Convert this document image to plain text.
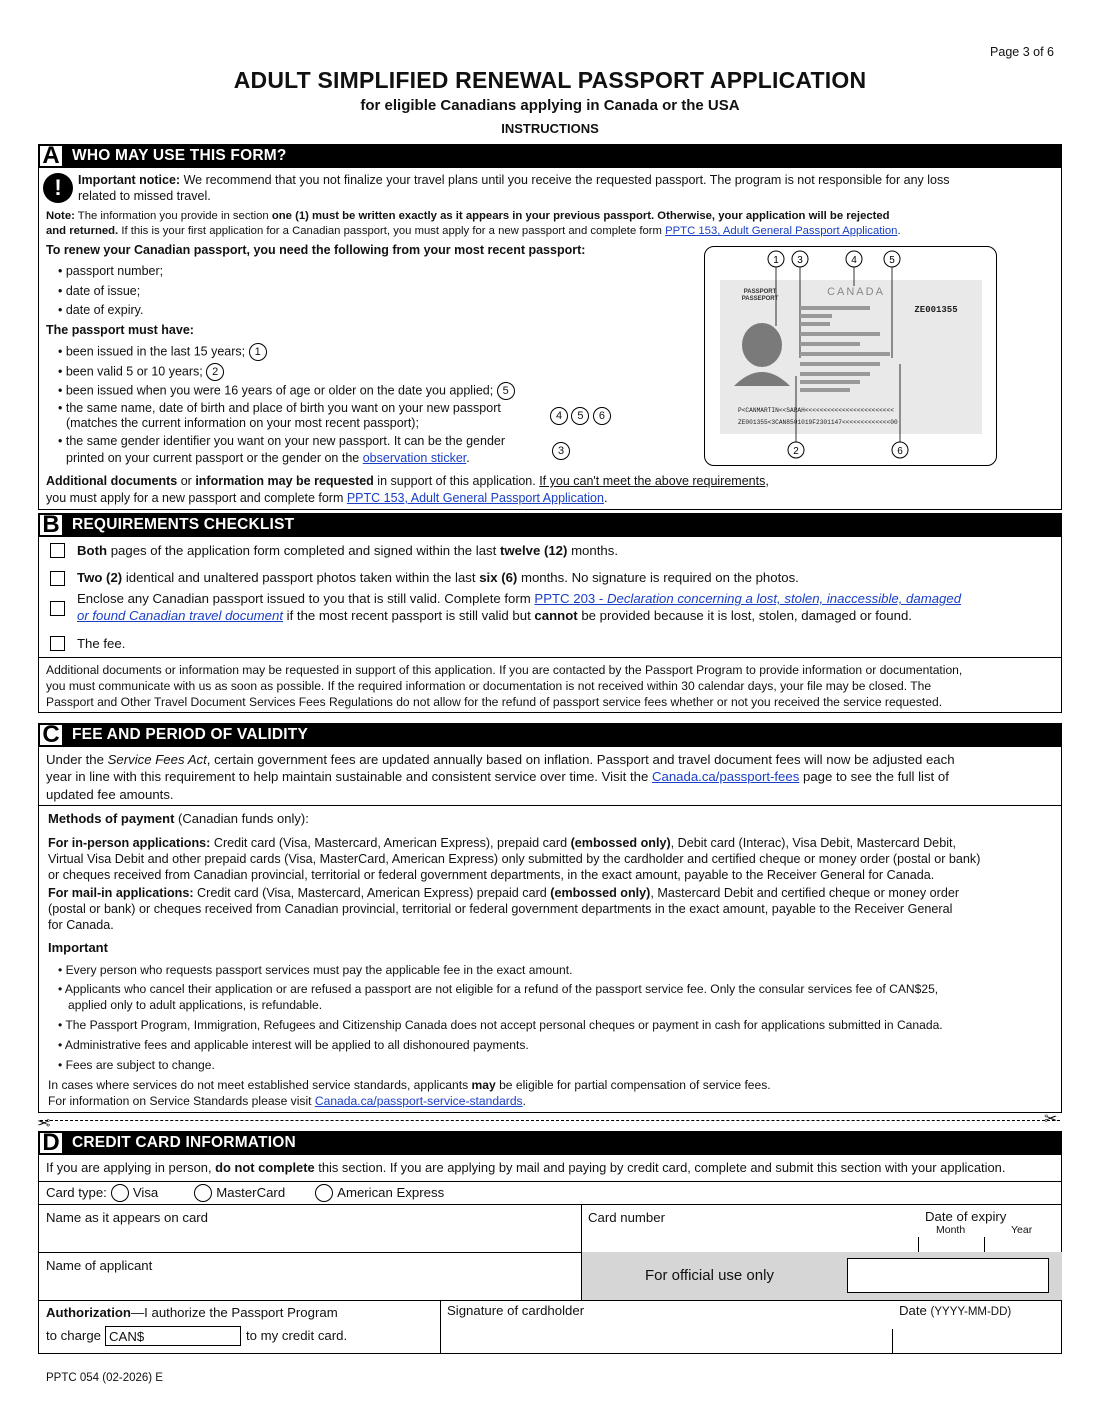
Page 3 of 6
ADULT SIMPLIFIED RENEWAL PASSPORT APPLICATION
for eligible Canadians applying in Canada or the USA
INSTRUCTIONS
A WHO MAY USE THIS FORM?
!	Important notice: We recommend that you not finalize your travel plans until you receive the requested passport. The program is not responsible for any loss
related to missed travel.
Note: The information you provide in section one (1) must be written exactly as it appears in your previous passport. Otherwise, your application will be rejected
and returned. If this is your first application for a Canadian passport, you must apply for a new passport and complete form PPTC 153, Adult General Passport Application.
To renew your Canadian passport, you need the following from your most recent passport:
• passport number;
• date of issue;
• date of expiry.
The passport must have:
• been issued in the last 15 years; 1
• been valid 5 or 10 years; 2
• been issued when you were 16 years of age or older on the date you applied; 5
• the same name, date of birth and place of birth you want on your new passport
(matches the current information on your most recent passport);
4 5 6
• the same gender identifier you want on your new passport. It can be the gender
printed on your current passport or the gender on the observation sticker.
3
1 3	4	5
2	6
PASSPORT
PASSEPORT
CANADA
ZE001355
P<CANMARTIN<<SARAH<<<<<<<<<<<<<<<<<<<<<<<<
ZE001355<3CAN8501019F2301147<<<<<<<<<<<<<00
Additional documents or information may be requested in support of this application. If you can't meet the above requirements,
you must apply for a new passport and complete form PPTC 153, Adult General Passport Application.
B REQUIREMENTS CHECKLIST
Both pages of the application form completed and signed within the last twelve (12) months.
Two (2) identical and unaltered passport photos taken within the last six (6) months. No signature is required on the photos.
Enclose any Canadian passport issued to you that is still valid. Complete form PPTC 203 - Declaration concerning a lost, stolen, inaccessible, damaged
or found Canadian travel document if the most recent passport is still valid but cannot be provided because it is lost, stolen, damaged or found.
The fee.
Additional documents or information may be requested in support of this application. If you are contacted by the Passport Program to provide information or documentation,
you must communicate with us as soon as possible. If the required information or documentation is not received within 30 calendar days, your file may be closed. The
Passport and Other Travel Document Services Fees Regulations do not allow for the refund of passport service fees whether or not you received the service requested.
C FEE AND PERIOD OF VALIDITY
Under the Service Fees Act, certain government fees are updated annually based on inflation. Passport and travel document fees will now be adjusted each
year in line with this requirement to help maintain sustainable and consistent service over time. Visit the Canada.ca/passport-fees page to see the full list of
updated fee amounts.
Methods of payment (Canadian funds only):
For in-person applications: Credit card (Visa, Mastercard, American Express), prepaid card (embossed only), Debit card (Interac), Visa Debit, Mastercard Debit,
Virtual Visa Debit and other prepaid cards (Visa, MasterCard, American Express) only submitted by the cardholder and certified cheque or money order (postal or bank)
or cheques received from Canadian provincial, territorial or federal government departments, in the exact amount, payable to the Receiver General for Canada.
For mail-in applications: Credit card (Visa, Mastercard, American Express) prepaid card (embossed only), Mastercard Debit and certified cheque or money order
(postal or bank) or cheques received from Canadian provincial, territorial or federal government departments in the exact amount, payable to the Receiver General
for Canada.
Important
• Every person who requests passport services must pay the applicable fee in the exact amount.
• Applicants who cancel their application or are refused a passport are not eligible for a refund of the passport service fee. Only the consular services fee of CAN$25,
applied only to adult applications, is refundable.
• The Passport Program, Immigration, Refugees and Citizenship Canada does not accept personal cheques or payment in cash for applications submitted in Canada.
• Administrative fees and applicable interest will be applied to all dishonoured payments.
• Fees are subject to change.
In cases where services do not meet established service standards, applicants may be eligible for partial compensation of service fees.
For information on Service Standards please visit Canada.ca/passport-service-standards.
✂	✂
D CREDIT CARD INFORMATION
If you are applying in person, do not complete this section. If you are applying by mail and paying by credit card, complete and submit this section with your application.
Card type: Visa	MasterCard	American Express
Name as it appears on card	Card number	Date of expiry
Month	Year
Name of applicant
For official use only
Authorization—I authorize the Passport Program
to charge CAN$	to my credit card.
Signature of cardholder	Date (YYYY-MM-DD)
PPTC 054 (02-2026) E
